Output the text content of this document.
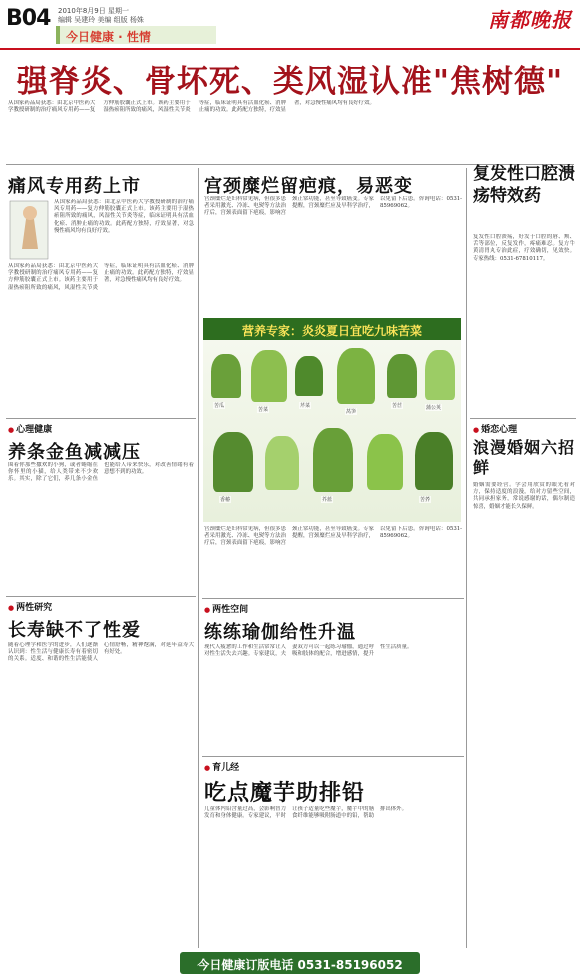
B04 2010年8月9日 星期一
编辑 吴建玲 美编 组版 杨姝
今日健康 · 性情
南都晚报
强脊炎、骨坏死、类风湿认准"焦树德"
从国家药品局获悉：由北京中医药大学教授研制的治疗痛风专用药——复方伸筋胶囊正式上市。该药主要用于湿热瘀阻所致的痛风，风湿性关节炎等症，临床证明具有活血化瘀、消肿止痛的功效。此药配方独特，疗效显著，对急慢性痛风均有良好疗效。
痛风专用药上市
从国家药品局获悉：由北京中医药大学教授研制的治疗痛风专用药——复方伸筋胶囊正式上市。该药主要用于湿热瘀阻所致的痛风，风湿性关节炎等症，临床证明具有活血化瘀、消肿止痛的功效。此药配方独特，疗效显著，对急慢性痛风均有良好疗效。
从国家药品局获悉：由北京中医药大学教授研制的治疗痛风专用药——复方伸筋胶囊正式上市。该药主要用于湿热瘀阻所致的痛风，风湿性关节炎等症，临床证明具有活血化瘀、消肿止痛的功效。此药配方独特，疗效显著，对急慢性痛风均有良好疗效。
● 心理健康
养条金鱼减减压
围着你那些撒欢的小狗，或者蜷缩在你怀里的小猫，给人类带来不少欢乐。其实，除了它们，养几条小金鱼也能给人带来快乐，对改善情绪有着意想不到的功效。
● 两性研究
长寿缺不了性爱
随着心理学和医学的进步，人们逐渐认识到：性生活与健康长寿有着密切的关系。适度、和谐的性生活能使人心情舒畅，精神饱满，对延年益寿大有好处。
宫颈糜烂留疤痕，易恶变
宫颈糜烂是妇科常见病，但很多患者采用激光、冷冻、电熨等方法治疗后，宫颈表面留下疤痕，影响宫颈正常功能，甚至导致癌变。专家提醒，宫颈糜烂应及早科学治疗，以免留下后患。咨询电话：0531-85969062。
营养专家：炎炎夏日宜吃九味苦菜
苦瓜
苦菜
芹菜
莴笋
苦苣	蒲公英
香椿	芥蓝	苦荞
宫颈糜烂是妇科常见病，但很多患者采用激光、冷冻、电熨等方法治疗后，宫颈表面留下疤痕，影响宫颈正常功能，甚至导致癌变。专家提醒，宫颈糜烂应及早科学治疗，以免留下后患。咨询电话：0531-85969062。
● 两性空间
练练瑜伽给性升温
现代人疲惫的工作和生活常常让人对性生活失去兴趣。专家建议，夫妻双方可以一起练习瑜伽，通过呼吸和肢体的配合，增进感情，提升性生活质量。
● 育儿经
吃点魔芋助排铅
儿童体内铅含量过高，会影响智力发育和身体健康。专家建议，平时让孩子适量吃些魔芋，魔芋中的膳食纤维能够吸附肠道中的铅，帮助排出体外。
复发性口腔溃疡特效药
复发性口腔溃疡，好发于口腔的唇、颊、舌等部位，反复发作，疼痛难忍。复方牛黄清胃丸专治此症，疗效确切，见效快。专家热线：0531-67810117。
● 婚恋心理
浪漫婚姻六招鲜
婚姻需要经营。学会用欣赏的眼光看对方，保持适度的浪漫，给对方留些空间，共同承担家务，常说感谢的话，偶尔制造惊喜，婚姻才能长久保鲜。
今日健康订版电话 0531-85196052
